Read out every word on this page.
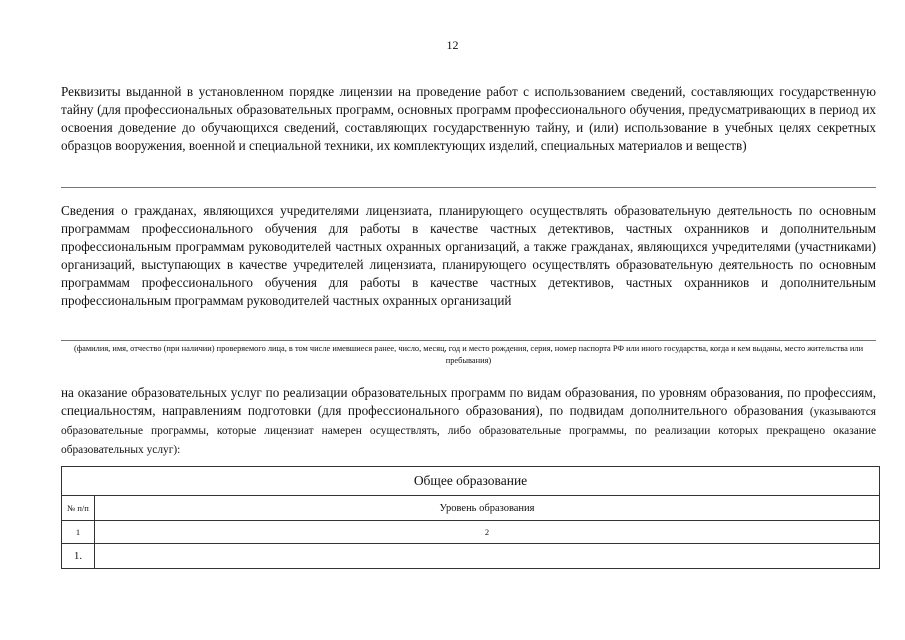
12

Реквизиты выданной в установленном порядке лицензии на проведение работ с использованием сведений, составляющих государственную тайну (для профессиональных образовательных программ, основных программ профессионального обучения, предусматривающих в период их освоения доведение до обучающихся сведений, составляющих государственную тайну, и (или) использование в учебных целях секретных образцов вооружения, военной и специальной техники, их комплектующих изделий, специальных материалов и веществ)

Сведения о гражданах, являющихся учредителями лицензиата, планирующего осуществлять образовательную деятельность по основным программам профессионального обучения для работы в качестве частных детективов, частных охранников и дополнительным профессиональным программам руководителей частных охранных организаций, а также гражданах, являющихся учредителями (участниками) организаций, выступающих в качестве учредителей лицензиата, планирующего осуществлять образовательную деятельность по основным программам профессионального обучения для работы в качестве частных детективов, частных охранников и дополнительным профессиональным программам руководителей частных охранных организаций

(фамилия, имя, отчество (при наличии) проверяемого лица, в том числе имевшиеся ранее, число, месяц, год и место рождения, серия, номер паспорта РФ или иного государства, когда и кем выданы, место жительства или пребывания)

на оказание образовательных услуг по реализации образовательных программ по видам образования, по уровням образования, по профессиям, специальностям, направлениям подготовки (для профессионального образования), по подвидам дополнительного образования (указываются образовательные программы, которые лицензиат намерен осуществлять, либо образовательные программы, по реализации которых прекращено оказание образовательных услуг):

Общее образование	
№ п/п	Уровень образования
1	2
1.	
